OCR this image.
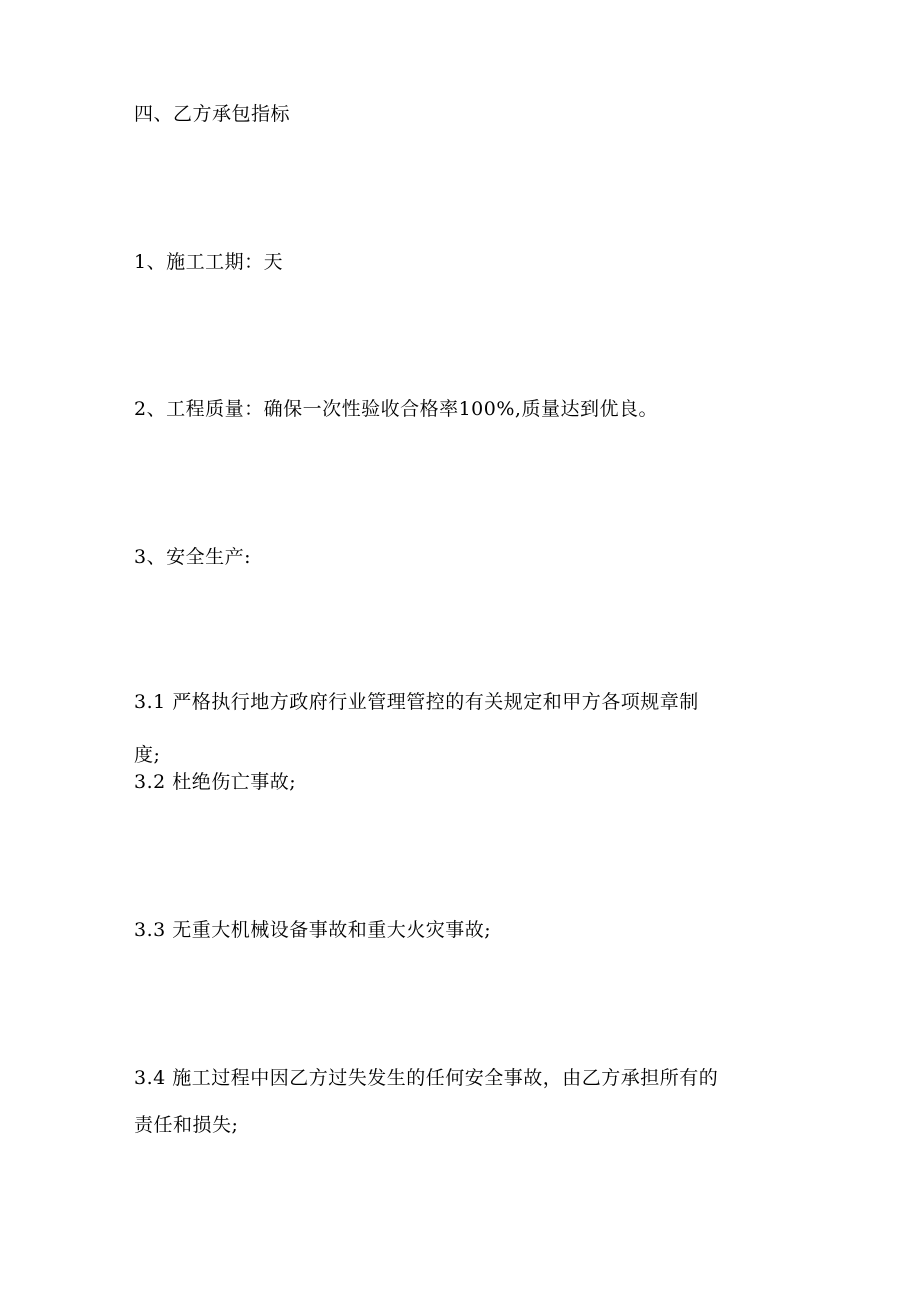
四、乙方承包指标

1、施工工期：天

2、工程质量：确保一次性验收合格率100%,质量达到优良。

3、安全生产:

3.1 严格执行地方政府行业管理管控的有关规定和甲方各项规章制

度;

3.2 杜绝伤亡事故;

3.3 无重大机械设备事故和重大火灾事故;

3.4 施工过程中因乙方过失发生的任何安全事故，由乙方承担所有的

责任和损失;
